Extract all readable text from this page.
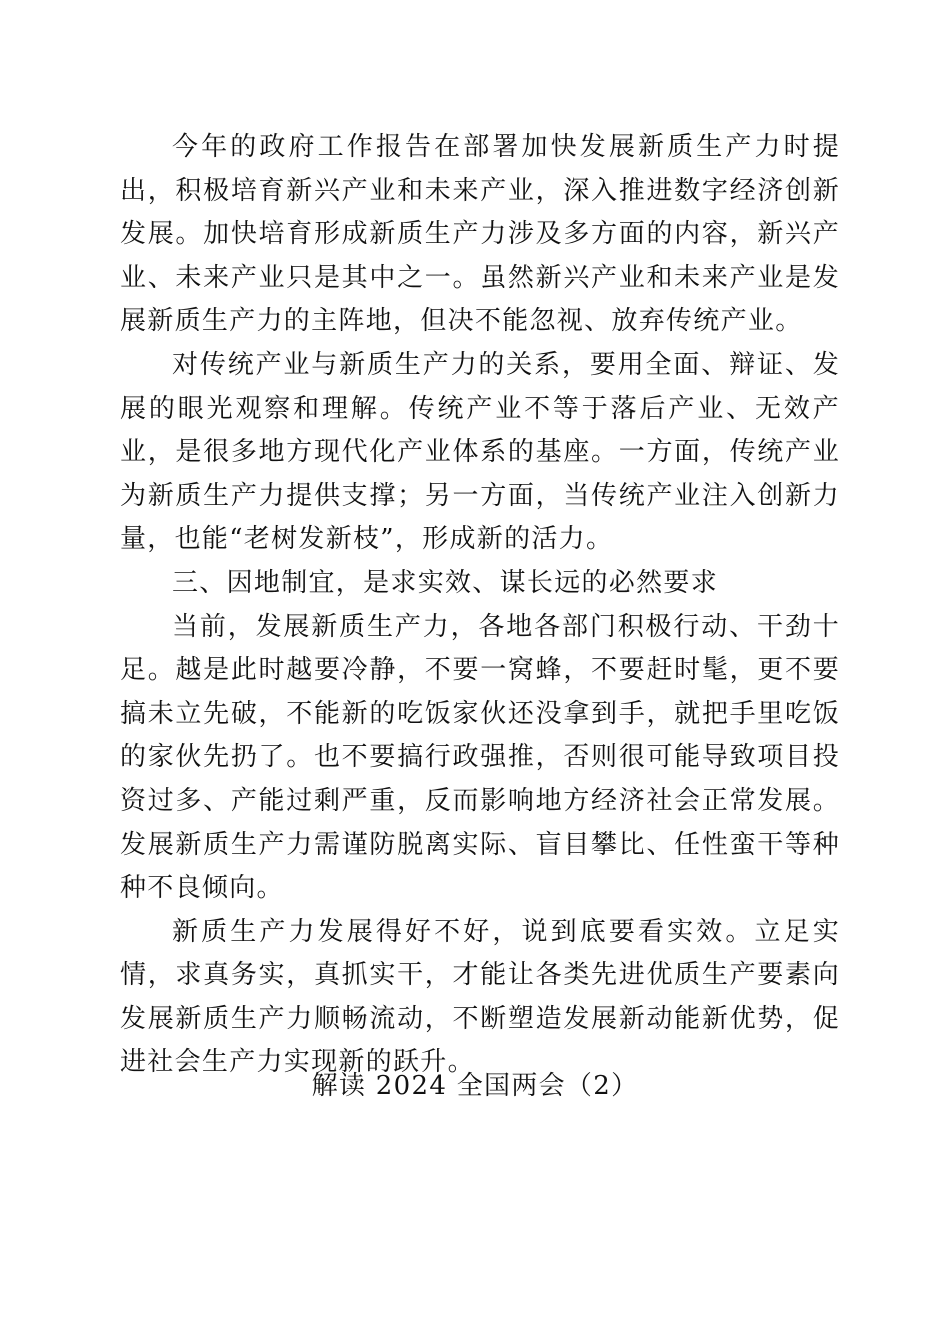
今年的政府工作报告在部署加快发展新质生产力时提出，积极培育新兴产业和未来产业，深入推进数字经济创新发展。加快培育形成新质生产力涉及多方面的内容，新兴产业、未来产业只是其中之一。虽然新兴产业和未来产业是发展新质生产力的主阵地，但决不能忽视、放弃传统产业。

对传统产业与新质生产力的关系，要用全面、辩证、发展的眼光观察和理解。传统产业不等于落后产业、无效产业，是很多地方现代化产业体系的基座。一方面，传统产业为新质生产力提供支撑；另一方面，当传统产业注入创新力量，也能“老树发新枝”，形成新的活力。

三、因地制宜，是求实效、谋长远的必然要求

当前，发展新质生产力，各地各部门积极行动、干劲十足。越是此时越要冷静，不要一窝蜂，不要赶时髦，更不要搞未立先破，不能新的吃饭家伙还没拿到手，就把手里吃饭的家伙先扔了。也不要搞行政强推，否则很可能导致项目投资过多、产能过剩严重，反而影响地方经济社会正常发展。发展新质生产力需谨防脱离实际、盲目攀比、任性蛮干等种种不良倾向。

新质生产力发展得好不好，说到底要看实效。立足实情，求真务实，真抓实干，才能让各类先进优质生产要素向发展新质生产力顺畅流动，不断塑造发展新动能新优势，促进社会生产力实现新的跃升。

解读 2024 全国两会（2）
